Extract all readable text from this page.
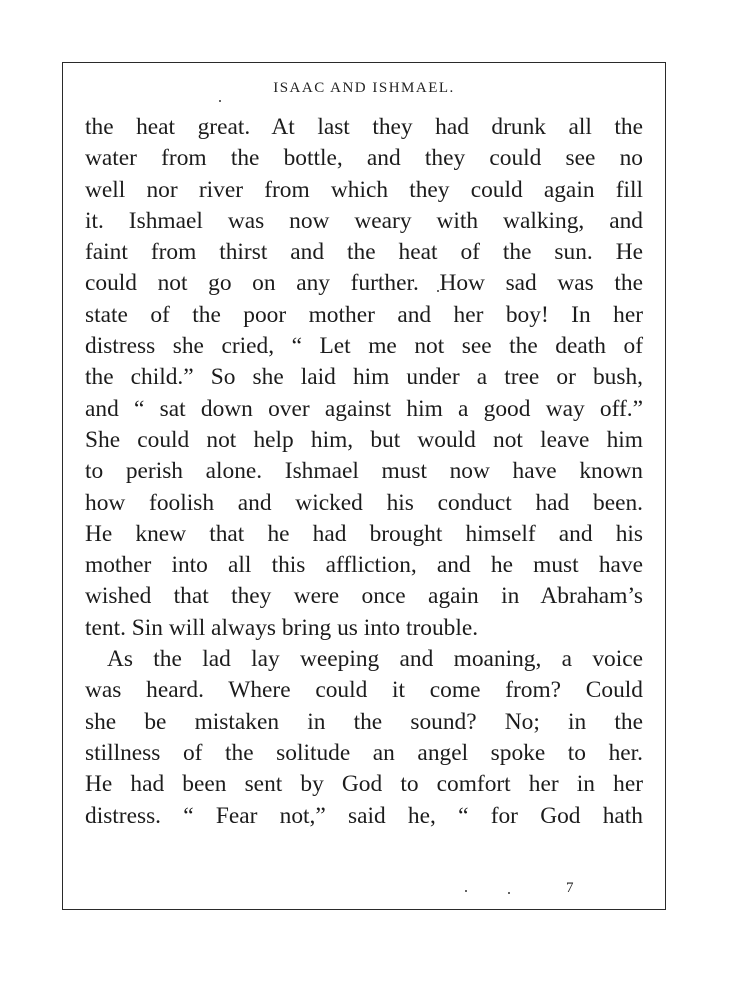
ISAAC AND ISHMAEL.
the heat great. At last they had drunk all the
water from the bottle, and they could see no
well nor river from which they could again fill
it. Ishmael was now weary with walking, and
faint from thirst and the heat of the sun. He
could not go on any further. How sad was the
state of the poor mother and her boy! In her
distress she cried, “ Let me not see the death of
the child.” So she laid him under a tree or bush,
and “ sat down over against him a good way off.”
She could not help him, but would not leave him
to perish alone. Ishmael must now have known
how foolish and wicked his conduct had been.
He knew that he had brought himself and his
mother into all this affliction, and he must have
wished that they were once again in Abraham’s
tent. Sin will always bring us into trouble.
As the lad lay weeping and moaning, a voice
was heard. Where could it come from? Could
she be mistaken in the sound? No; in the
stillness of the solitude an angel spoke to her.
He had been sent by God to comfort her in her
distress. “ Fear not,” said he, “ for God hath
7
